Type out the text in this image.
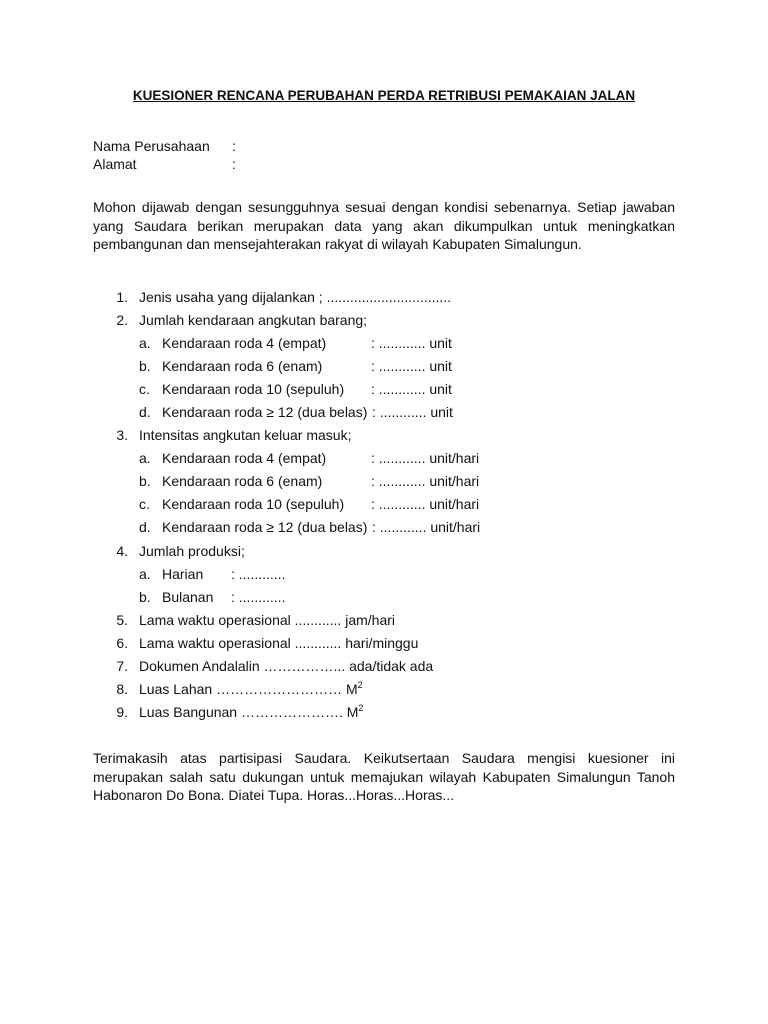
KUESIONER RENCANA PERUBAHAN PERDA RETRIBUSI PEMAKAIAN JALAN
Nama Perusahaan :
Alamat	:
Mohon dijawab dengan sesungguhnya sesuai dengan kondisi sebenarnya. Setiap jawaban yang Saudara berikan merupakan data yang akan dikumpulkan untuk meningkatkan pembangunan dan mensejahterakan rakyat di wilayah Kabupaten Simalungun.
1. Jenis usaha yang dijalankan ; ................................
2. Jumlah kendaraan angkutan barang;
a. Kendaraan roda 4 (empat)	: ............ unit
b. Kendaraan roda 6 (enam)	: ............ unit
c. Kendaraan roda 10 (sepuluh) : ............ unit
d. Kendaraan roda ≥ 12 (dua belas) : ............ unit
3. Intensitas angkutan keluar masuk;
a. Kendaraan roda 4 (empat)	: ............ unit/hari
b. Kendaraan roda 6 (enam)	: ............ unit/hari
c. Kendaraan roda 10 (sepuluh) : ............ unit/hari
d. Kendaraan roda ≥ 12 (dua belas) : ............ unit/hari
4. Jumlah produksi;
a. Harian : ............
b. Bulanan : ............
5. Lama waktu operasional ............ jam/hari
6. Lama waktu operasional ............ hari/minggu
7. Dokumen Andalalin ……………... ada/tidak ada
8. Luas Lahan ……………………… $M^2$
9. Luas Bangunan …………………. $M^2$
Terimakasih atas partisipasi Saudara. Keikutsertaan Saudara mengisi kuesioner ini merupakan salah satu dukungan untuk memajukan wilayah Kabupaten Simalungun Tanoh Habonaron Do Bona. Diatei Tupa. Horas...Horas...Horas...
